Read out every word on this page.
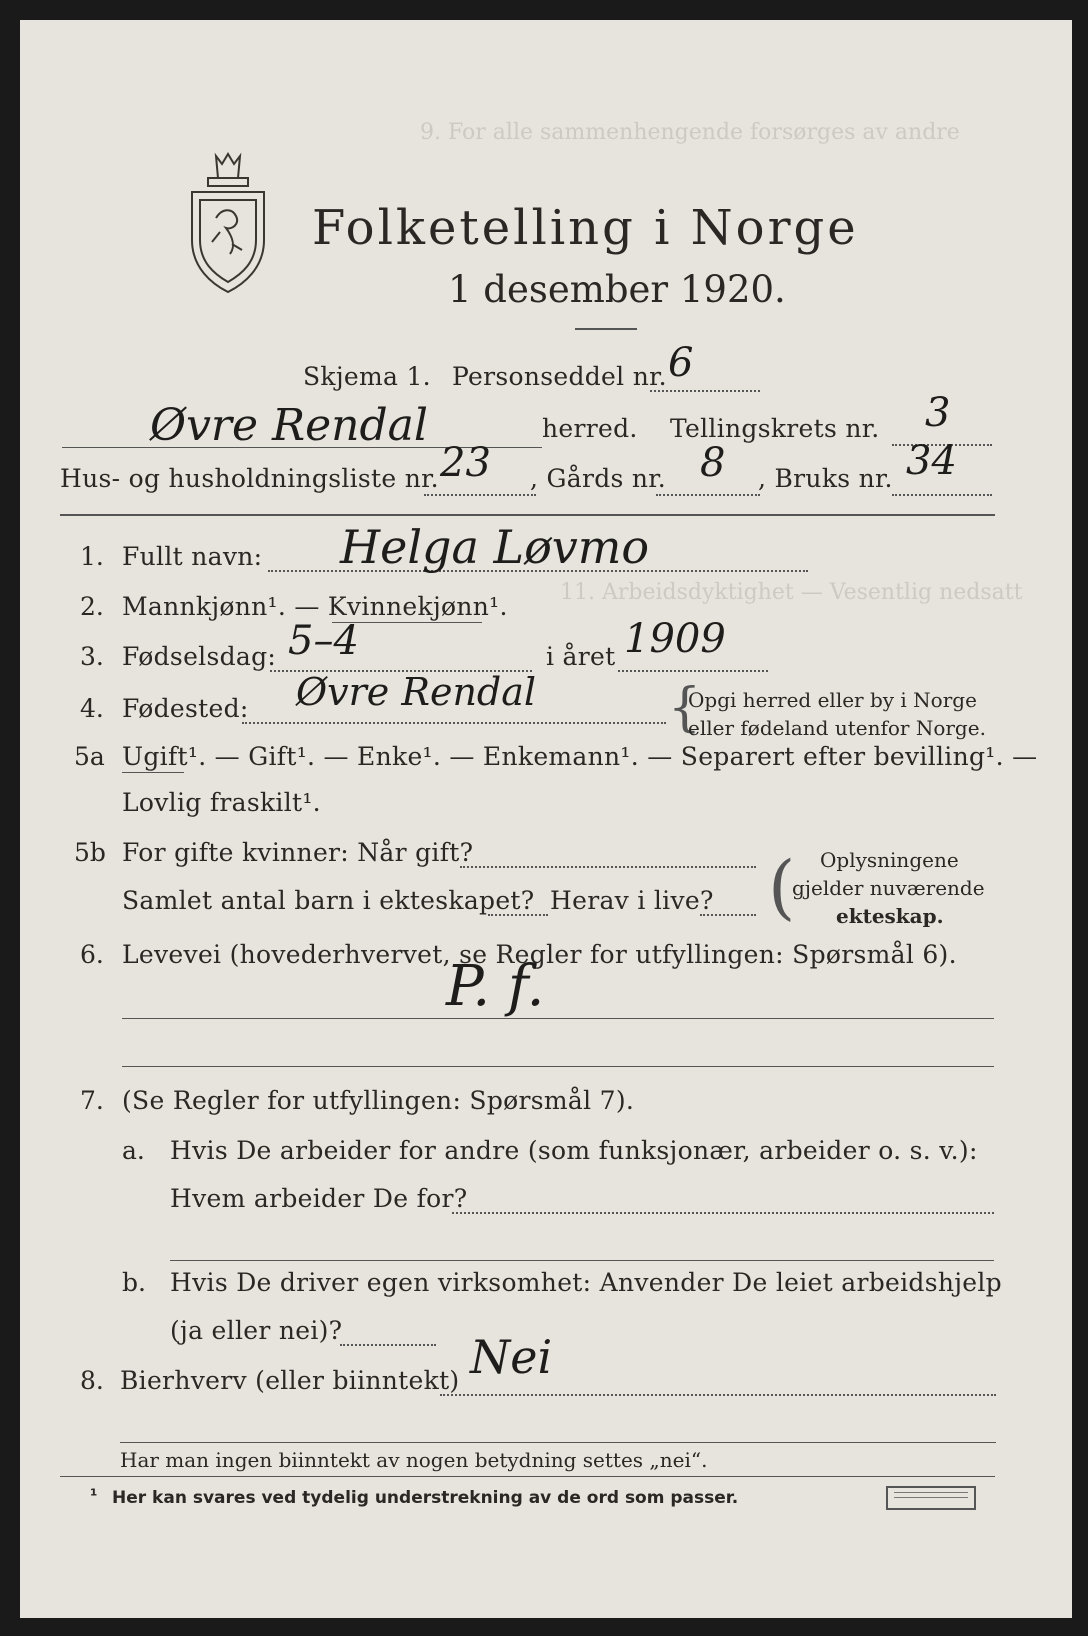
Folketelling i Norge
1 desember 1920.
9. For alle sammenhengende forsørges av andre
11. Arbeidsdyktighet — Vesentlig nedsatt
Skjema 1. Personseddel nr. 6
Øvre Rendal	herred. Tellingskrets nr. 3
Hus- og husholdningsliste nr. 23 , Gårds nr. 8 , Bruks nr. 34
1. Fullt navn: Helga Løvmo
2. Mannkjønn¹. — Kvinnekjønn¹.
3. Fødselsdag: 5–4	i året 1909
4. Fødested: Øvre Rendal	{
Opgi herred eller by i Norge
eller fødeland utenfor Norge.
5a Ugift¹. — Gift¹. — Enke¹. — Enkemann¹. — Separert efter bevilling¹. —
Lovlig fraskilt¹.
5b For gifte kvinner: Når gift?
Samlet antal barn i ekteskapet? Herav i live? ( Oplysningene
gjelder nuværende
ekteskap.
6. Levevei (hovederhvervet, se Regler for utfyllingen: Spørsmål 6).
P. f.
7. (Se Regler for utfyllingen: Spørsmål 7).
a. Hvis De arbeider for andre (som funksjonær, arbeider o. s. v.):
Hvem arbeider De for?
b. Hvis De driver egen virksomhet: Anvender De leiet arbeidshjelp
(ja eller nei)?
8. Bierhverv (eller biinntekt) Nei
Har man ingen biinntekt av nogen betydning settes „nei“.
¹ Her kan svares ved tydelig understrekning av de ord som passer.
